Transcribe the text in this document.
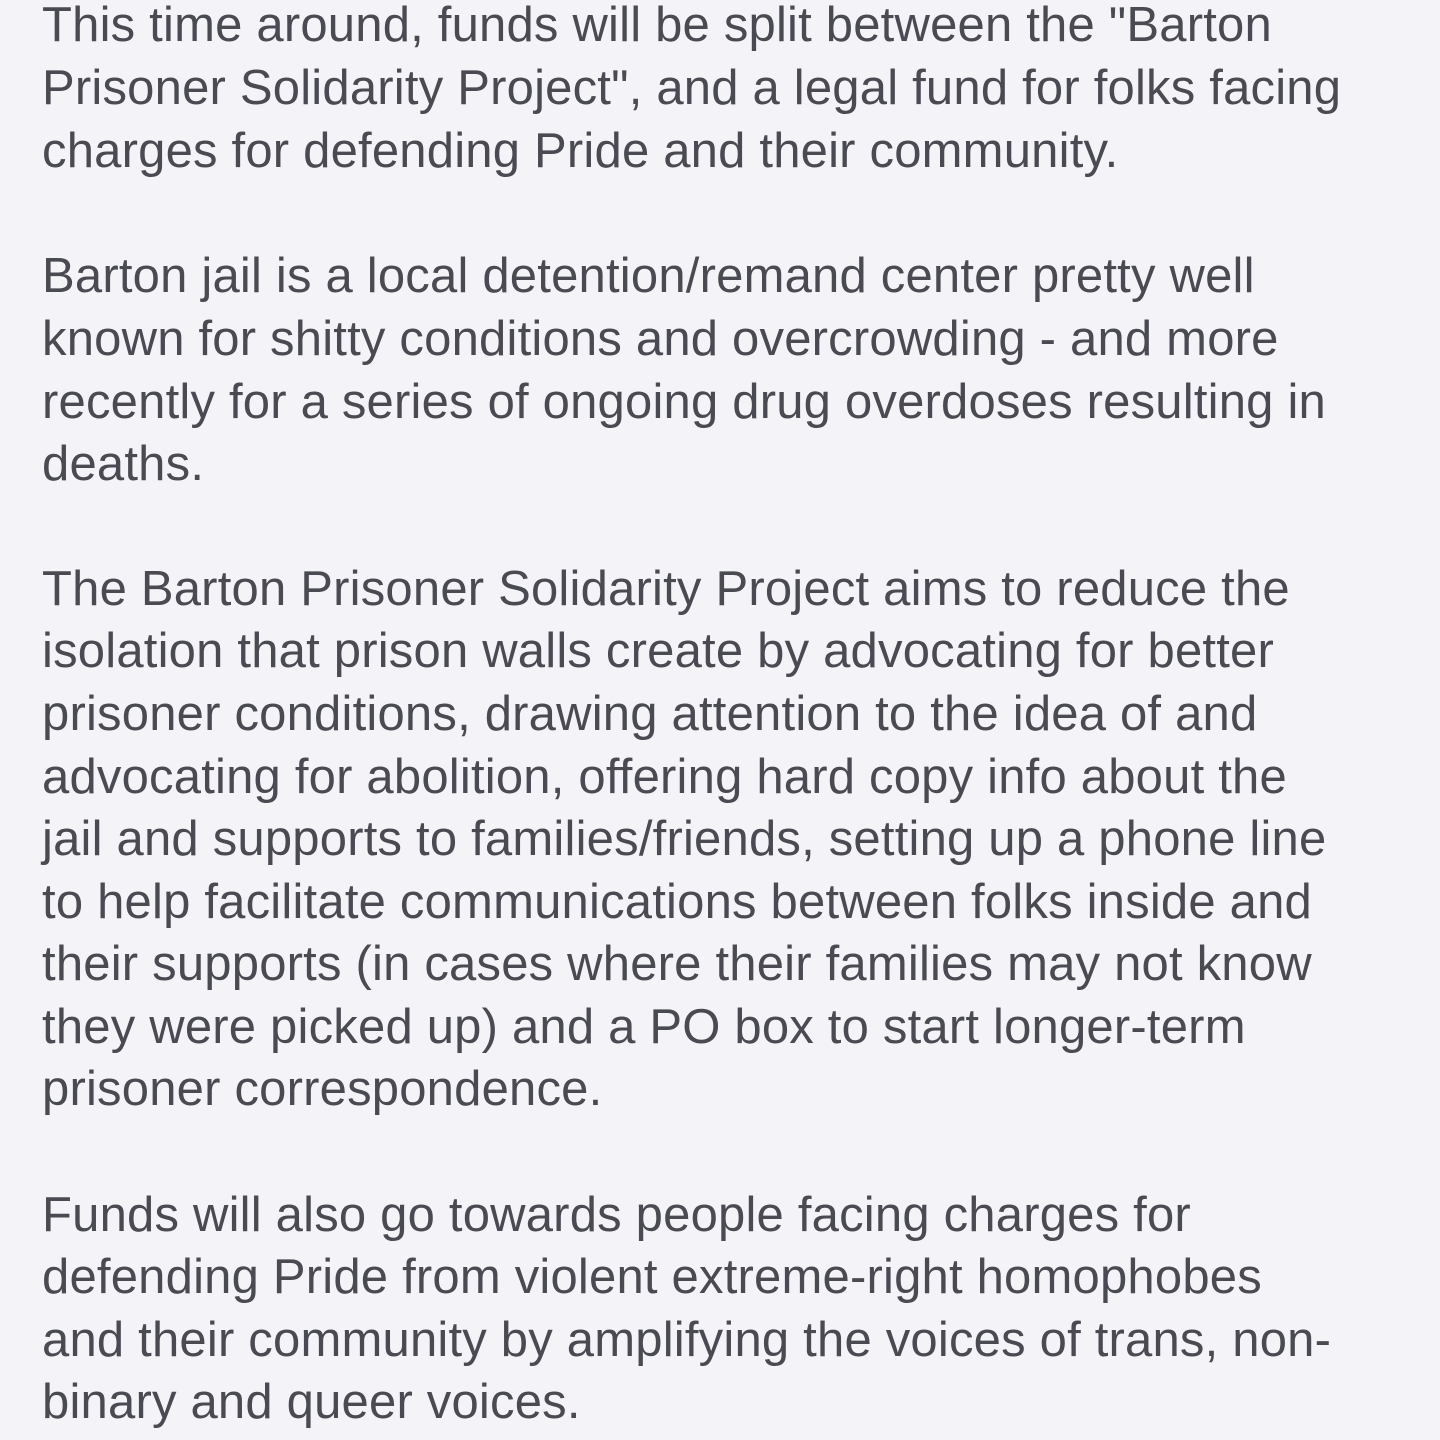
This time around, funds will be split between the "Barton
Prisoner Solidarity Project", and a legal fund for folks facing
charges for defending Pride and their community.
Barton jail is a local detention/remand center pretty well
known for shitty conditions and overcrowding - and more
recently for a series of ongoing drug overdoses resulting in
deaths.
The Barton Prisoner Solidarity Project aims to reduce the
isolation that prison walls create by advocating for better
prisoner conditions, drawing attention to the idea of and
advocating for abolition, offering hard copy info about the
jail and supports to families/friends, setting up a phone line
to help facilitate communications between folks inside and
their supports (in cases where their families may not know
they were picked up) and a PO box to start longer-term
prisoner correspondence.
Funds will also go towards people facing charges for
defending Pride from violent extreme-right homophobes
and their community by amplifying the voices of trans, non-
binary and queer voices.
